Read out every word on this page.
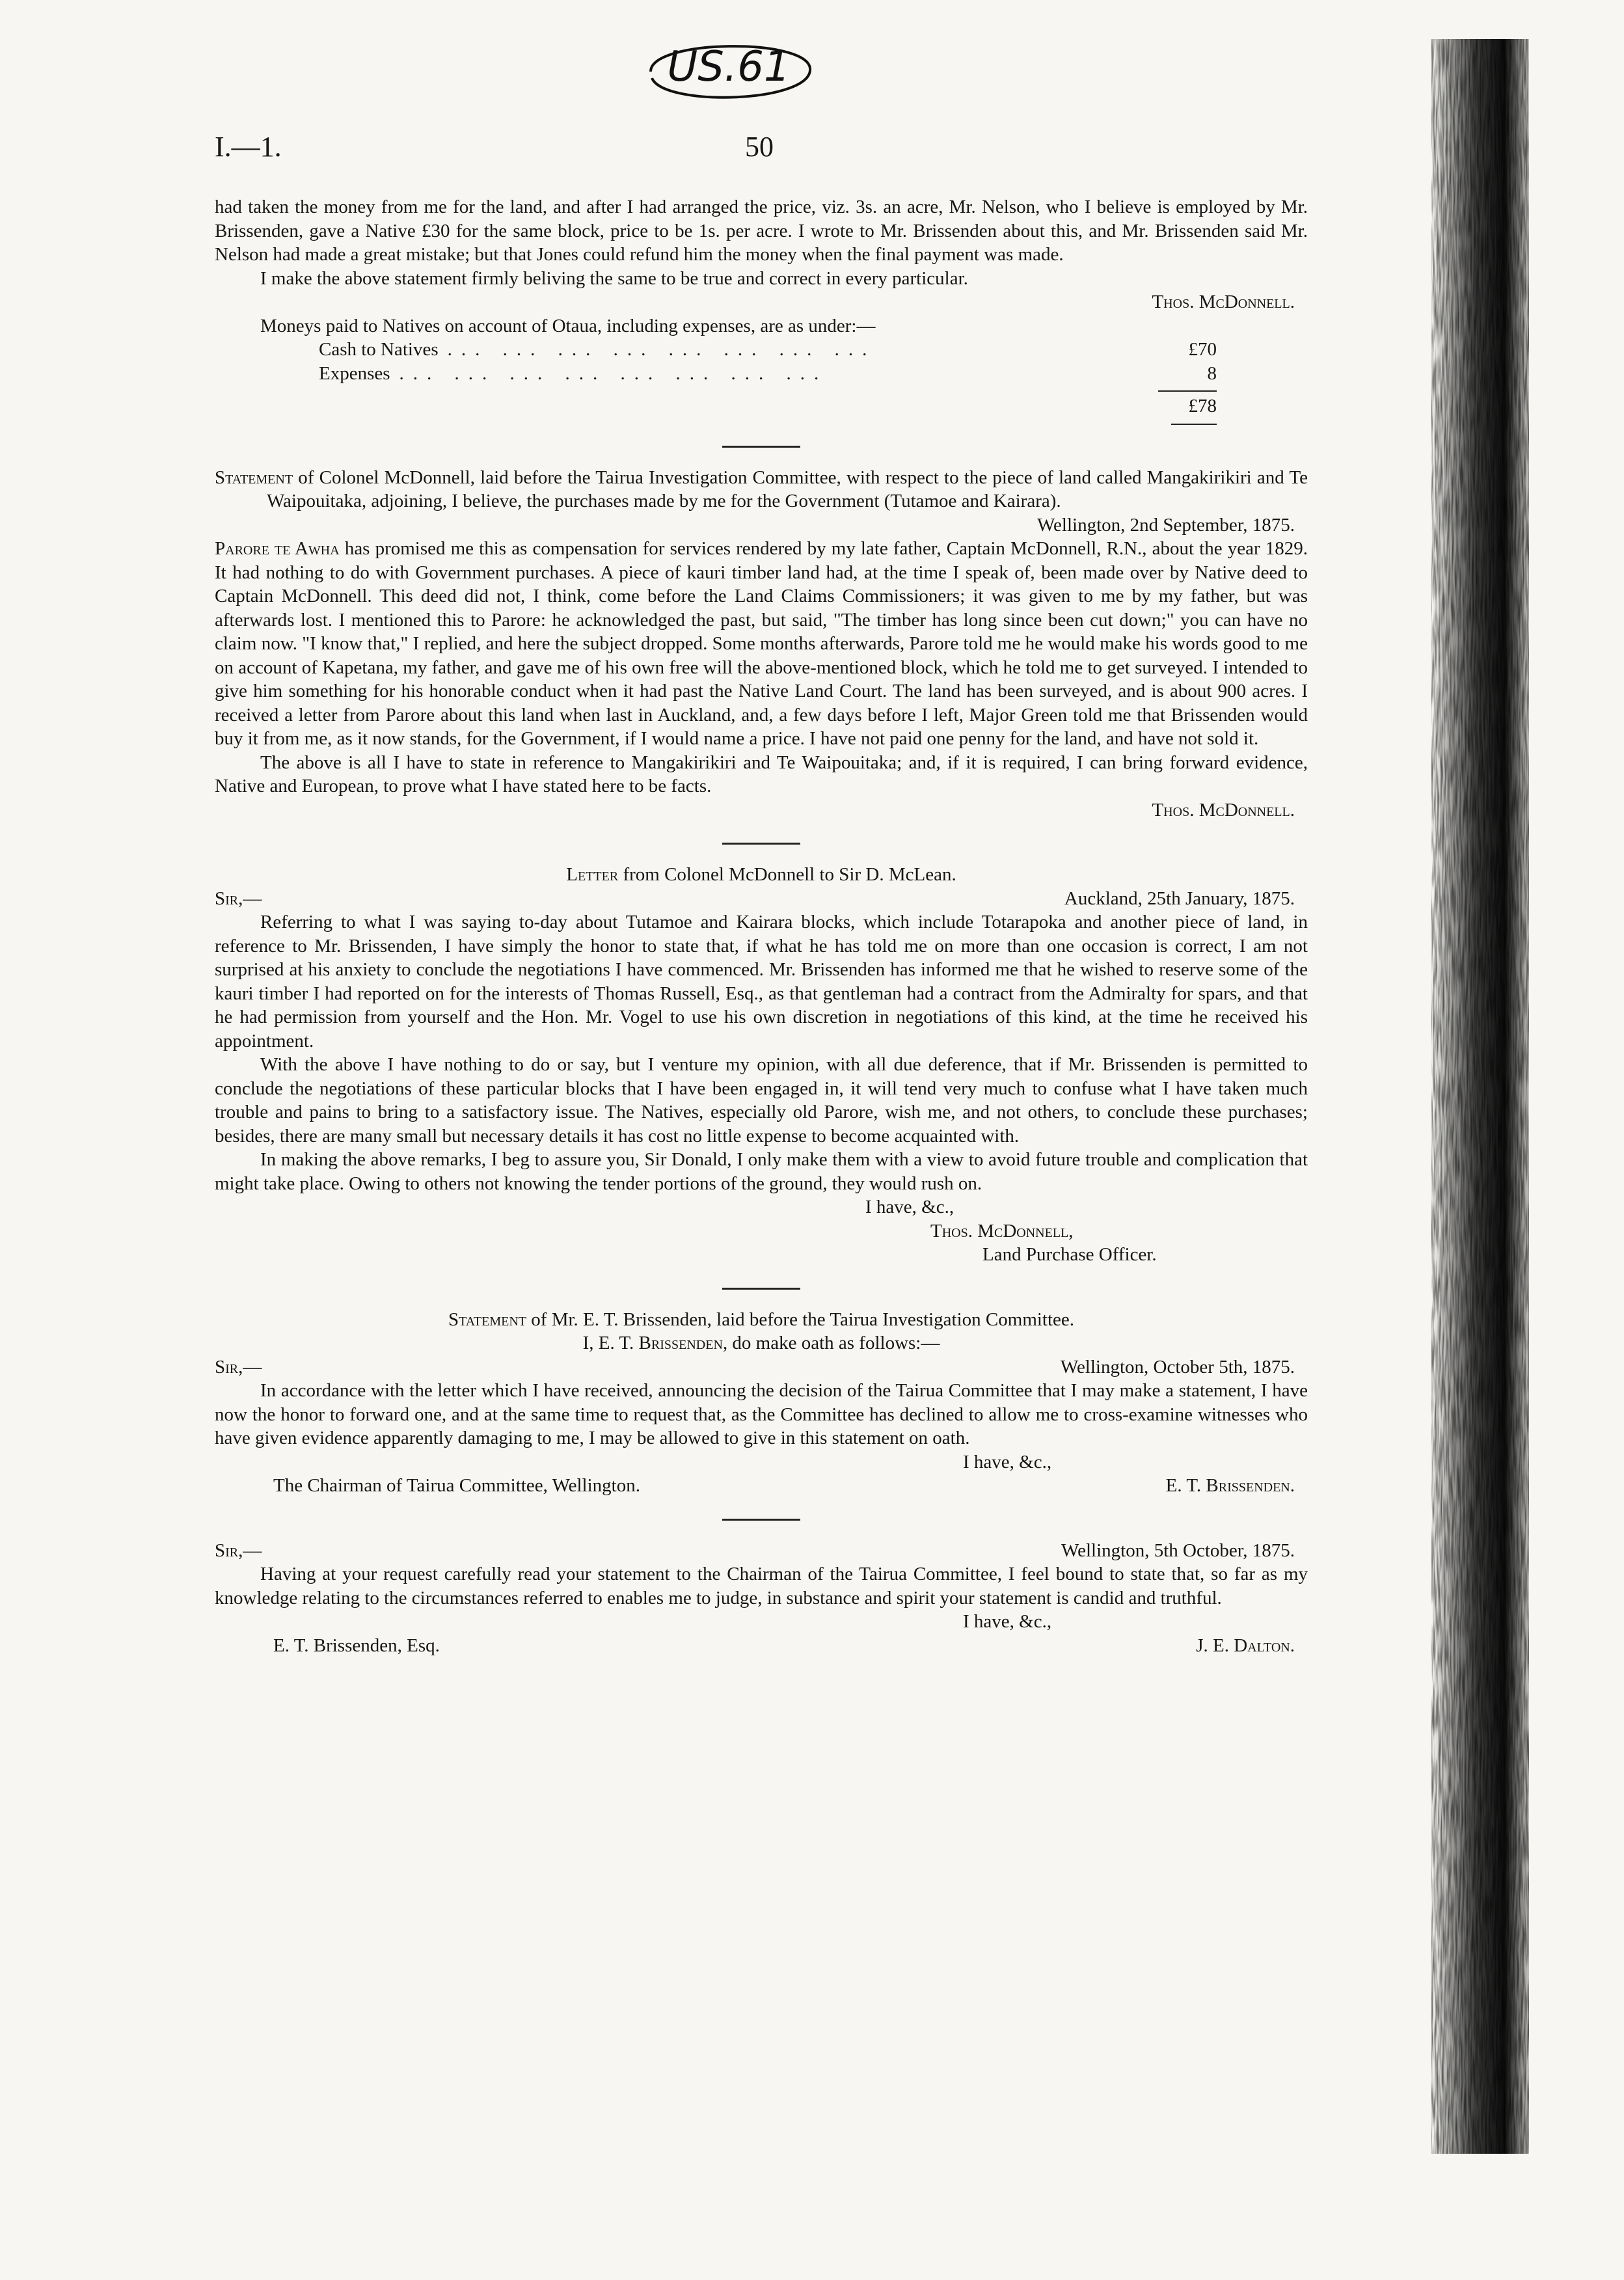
US.61
I.—1.	50

had taken the money from me for the land, and after I had arranged the price, viz. 3s. an acre, Mr. Nelson, who I believe is employed by Mr. Brissenden, gave a Native £30 for the same block, price to be 1s. per acre. I wrote to Mr. Brissenden about this, and Mr. Brissenden said Mr. Nelson had made a great mistake; but that Jones could refund him the money when the final payment was made.

I make the above statement firmly beliving the same to be true and correct in every particular.

Thos. McDonnell.

Moneys paid to Natives on account of Otaua, including expenses, are as under:—

Cash to Natives ... ... ... ... ... ... ... ...	£70
Expenses ... ... ... ... ... ... ... ...	8
£78

Statement of Colonel McDonnell, laid before the Tairua Investigation Committee, with respect to the piece of land called Mangakirikiri and Te Waipouitaka, adjoining, I believe, the purchases made by me for the Government (Tutamoe and Kairara).

Wellington, 2nd September, 1875.

Parore te Awha has promised me this as compensation for services rendered by my late father, Captain McDonnell, R.N., about the year 1829. It had nothing to do with Government purchases. A piece of kauri timber land had, at the time I speak of, been made over by Native deed to Captain McDonnell. This deed did not, I think, come before the Land Claims Commissioners; it was given to me by my father, but was afterwards lost. I mentioned this to Parore: he acknowledged the past, but said, "The timber has long since been cut down;" you can have no claim now. "I know that," I replied, and here the subject dropped. Some months afterwards, Parore told me he would make his words good to me on account of Kapetana, my father, and gave me of his own free will the above-mentioned block, which he told me to get surveyed. I intended to give him something for his honorable conduct when it had past the Native Land Court. The land has been surveyed, and is about 900 acres. I received a letter from Parore about this land when last in Auckland, and, a few days before I left, Major Green told me that Brissenden would buy it from me, as it now stands, for the Government, if I would name a price. I have not paid one penny for the land, and have not sold it.

The above is all I have to state in reference to Mangakirikiri and Te Waipouitaka; and, if it is required, I can bring forward evidence, Native and European, to prove what I have stated here to be facts.

Thos. McDonnell.

Letter from Colonel McDonnell to Sir D. McLean.

Sir,—	Auckland, 25th January, 1875.

Referring to what I was saying to-day about Tutamoe and Kairara blocks, which include Totarapoka and another piece of land, in reference to Mr. Brissenden, I have simply the honor to state that, if what he has told me on more than one occasion is correct, I am not surprised at his anxiety to conclude the negotiations I have commenced. Mr. Brissenden has informed me that he wished to reserve some of the kauri timber I had reported on for the interests of Thomas Russell, Esq., as that gentleman had a contract from the Admiralty for spars, and that he had permission from yourself and the Hon. Mr. Vogel to use his own discretion in negotiations of this kind, at the time he received his appointment.

With the above I have nothing to do or say, but I venture my opinion, with all due deference, that if Mr. Brissenden is permitted to conclude the negotiations of these particular blocks that I have been engaged in, it will tend very much to confuse what I have taken much trouble and pains to bring to a satisfactory issue. The Natives, especially old Parore, wish me, and not others, to conclude these purchases; besides, there are many small but necessary details it has cost no little expense to become acquainted with.

In making the above remarks, I beg to assure you, Sir Donald, I only make them with a view to avoid future trouble and complication that might take place. Owing to others not knowing the tender portions of the ground, they would rush on.

I have, &c.,

Thos. McDonnell,

Land Purchase Officer.

Statement of Mr. E. T. Brissenden, laid before the Tairua Investigation Committee.

I, E. T. Brissenden, do make oath as follows:—

Sir,—	Wellington, October 5th, 1875.

In accordance with the letter which I have received, announcing the decision of the Tairua Committee that I may make a statement, I have now the honor to forward one, and at the same time to request that, as the Committee has declined to allow me to cross-examine witnesses who have given evidence apparently damaging to me, I may be allowed to give in this statement on oath.

I have, &c.,

The Chairman of Tairua Committee, Wellington.	E. T. Brissenden.
Sir,—	Wellington, 5th October, 1875.

Having at your request carefully read your statement to the Chairman of the Tairua Committee, I feel bound to state that, so far as my knowledge relating to the circumstances referred to enables me to judge, in substance and spirit your statement is candid and truthful.

I have, &c.,

E. T. Brissenden, Esq.	J. E. Dalton.
